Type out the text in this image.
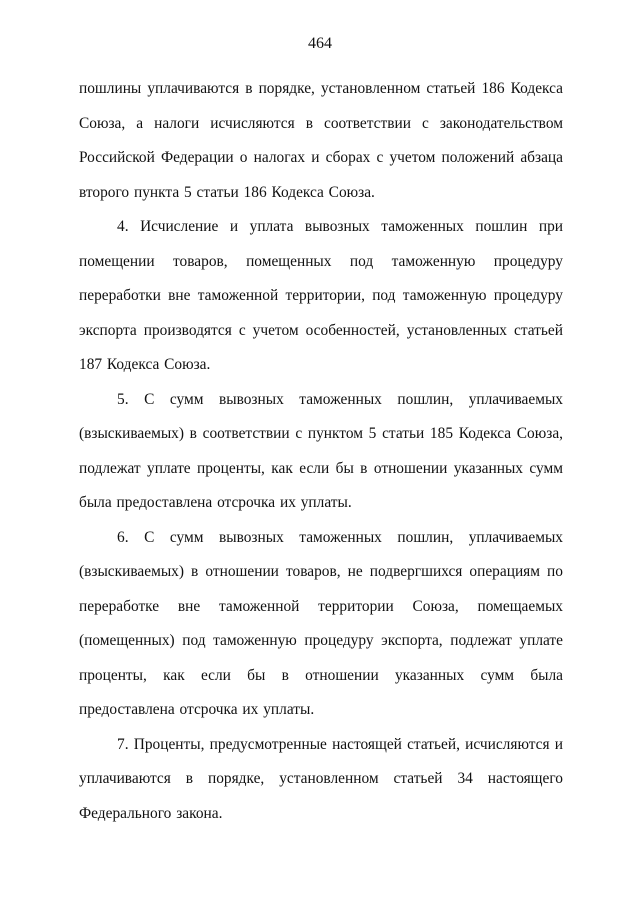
464

пошлины уплачиваются в порядке, установленном статьей 186 Кодекса Союза, а налоги исчисляются в соответствии с законодательством Российской Федерации о налогах и сборах с учетом положений абзаца второго пункта 5 статьи 186 Кодекса Союза.

4. Исчисление и уплата вывозных таможенных пошлин при помещении товаров, помещенных под таможенную процедуру переработки вне таможенной территории, под таможенную процедуру экспорта производятся с учетом особенностей, установленных статьей 187 Кодекса Союза.

5. С сумм вывозных таможенных пошлин, уплачиваемых (взыскиваемых) в соответствии с пунктом 5 статьи 185 Кодекса Союза, подлежат уплате проценты, как если бы в отношении указанных сумм была предоставлена отсрочка их уплаты.

6. С сумм вывозных таможенных пошлин, уплачиваемых (взыскиваемых) в отношении товаров, не подвергшихся операциям по переработке вне таможенной территории Союза, помещаемых (помещенных) под таможенную процедуру экспорта, подлежат уплате проценты, как если бы в отношении указанных сумм была предоставлена отсрочка их уплаты.

7. Проценты, предусмотренные настоящей статьей, исчисляются и уплачиваются в порядке, установленном статьей 34 настоящего Федерального закона.
